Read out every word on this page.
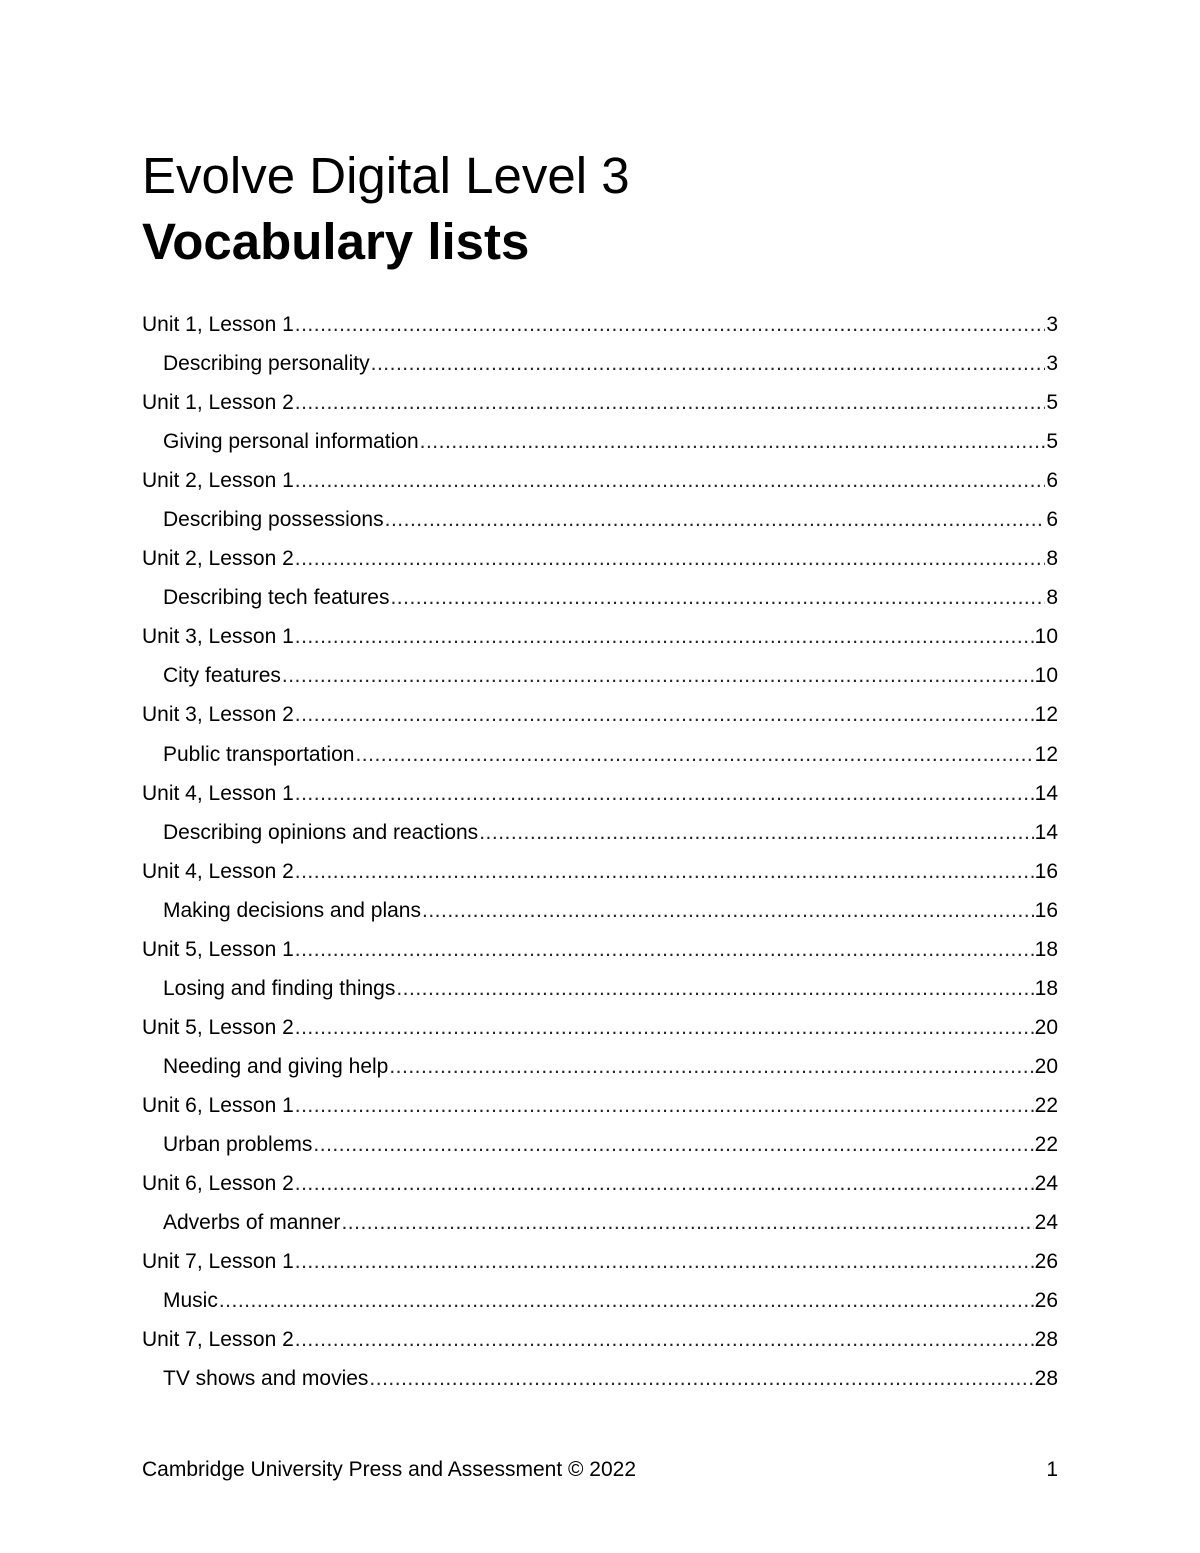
Evolve Digital Level 3
Vocabulary lists
Unit 1, Lesson 1 .....	3
Describing personality .....	3
Unit 1, Lesson 2 .....	5
Giving personal information .....	5
Unit 2, Lesson 1 .....	6
Describing possessions .....	6
Unit 2, Lesson 2 .....	8
Describing tech features .....	8
Unit 3, Lesson 1 .....	10
City features .....	10
Unit 3, Lesson 2 .....	12
Public transportation .....	12
Unit 4, Lesson 1 .....	14
Describing opinions and reactions .....	14
Unit 4, Lesson 2 .....	16
Making decisions and plans .....	16
Unit 5, Lesson 1 .....	18
Losing and finding things .....	18
Unit 5, Lesson 2 .....	20
Needing and giving help .....	20
Unit 6, Lesson 1 .....	22
Urban problems .....	22
Unit 6, Lesson 2 .....	24
Adverbs of manner .....	24
Unit 7, Lesson 1 .....	26
Music .....	26
Unit 7, Lesson 2 .....	28
TV shows and movies .....	28
Cambridge University Press and Assessment © 2022	1
